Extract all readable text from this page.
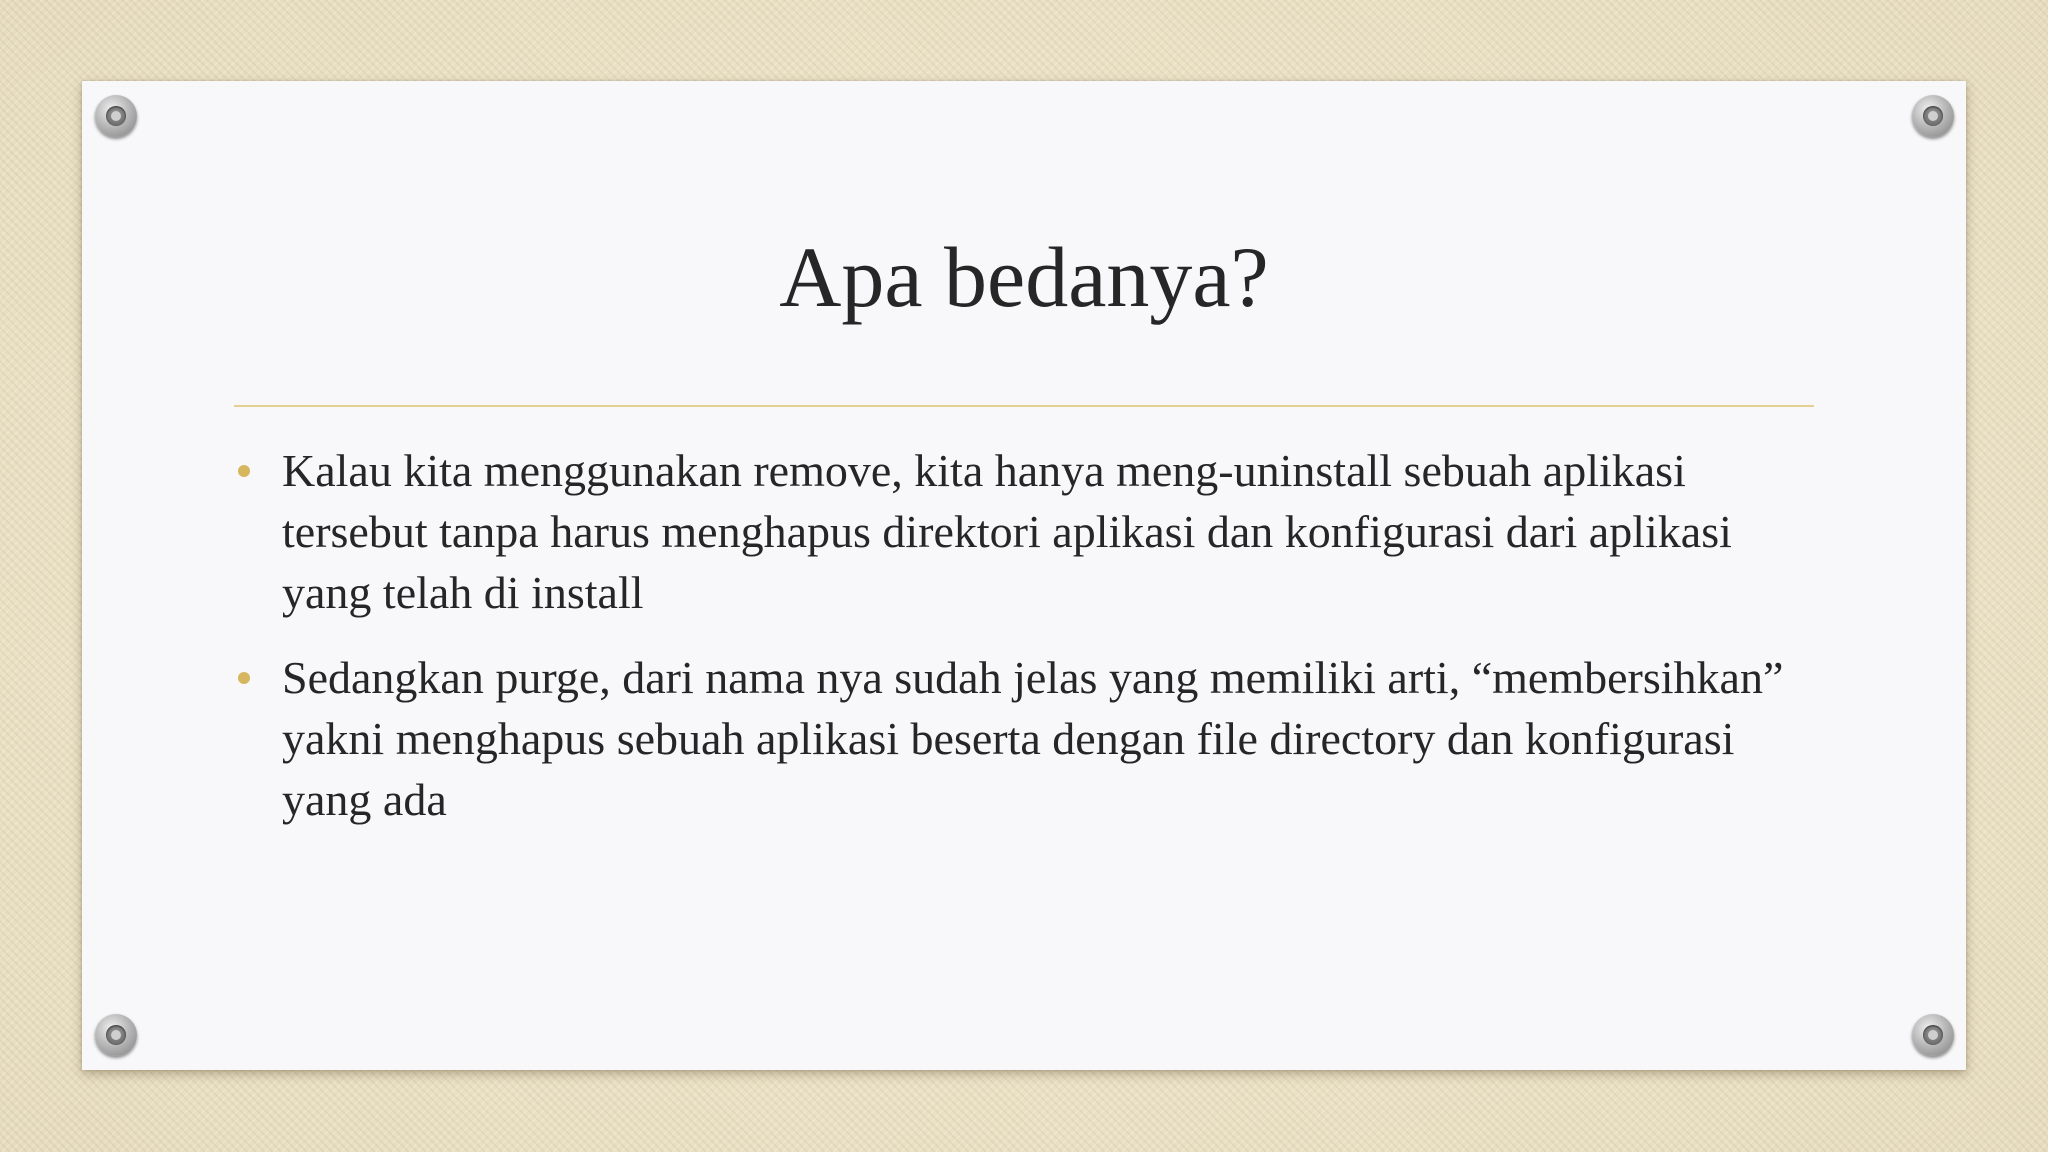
Apa bedanya?
Kalau kita menggunakan remove, kita hanya meng-uninstall sebuah aplikasi tersebut tanpa harus menghapus direktori aplikasi dan konfigurasi dari aplikasi yang telah di install
Sedangkan purge, dari nama nya sudah jelas yang memiliki arti, “membersihkan” yakni menghapus sebuah aplikasi beserta dengan file directory dan konfigurasi yang ada
